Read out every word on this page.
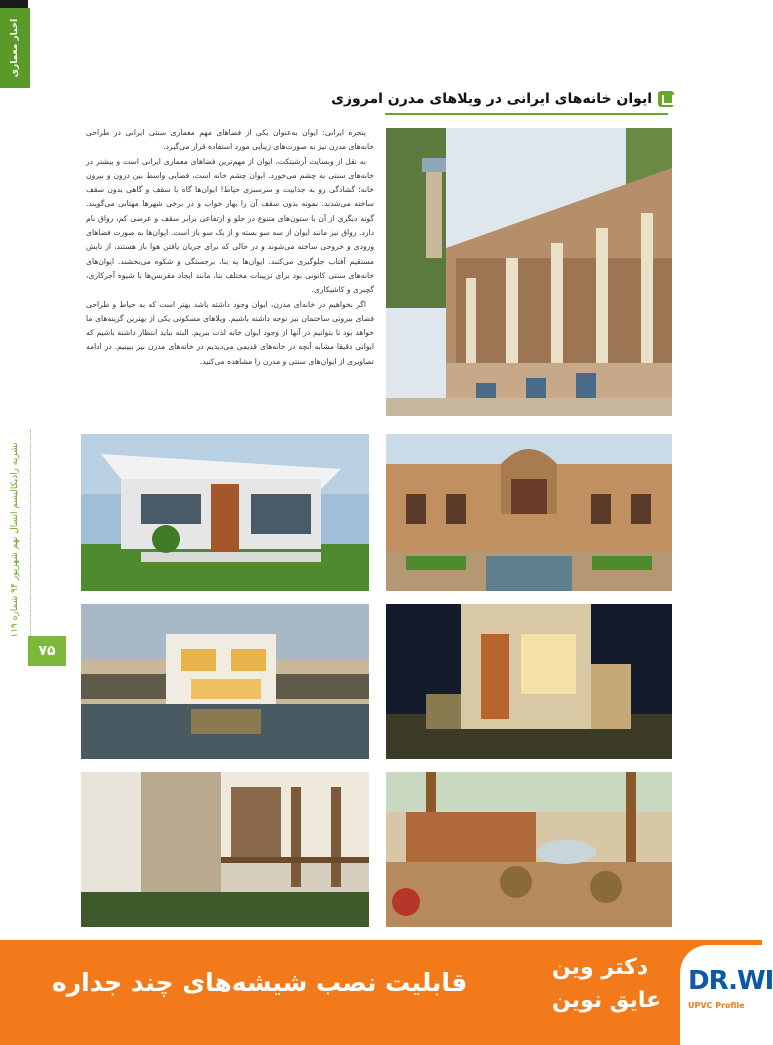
اخبار معماری
نشریه رادیکالیسم انسال نهم شهریور ۹۴ شماره ۱۱۹
۷۵
ایوان خانه‌های ایرانی در ویلاهای مدرن امروزی

پنجره ایرانی: ایوان به‌عنوان یکی از فضاهای مهم معماری سنتی ایرانی در طراحی خانه‌های مدرن نیز به صورت‌های زیبایی مورد استفاده قرار می‌گیرد.

به نقل از وبسایت آرشیتکت، ایوان از مهم‌ترین فضاهای معماری ایرانی است و بیشتر در خانه‌های سنتی به چشم می‌خورد. ایوان چشم خانه است، فضایی واسط بین درون و بیرون خانه؛ گشادگی رو به جذابیت و سرسبزی حیاط! ایوان‌ها گاه با سقف و گاهی بدون سقف ساخته می‌شدند. نمونه بدون سقف آن را بهار خواب و در برخی شهرها مهتابی می‌گویند. گونه دیگری از آن با ستون‌های متنوع در جلو و ارتفاعی برابر سقف و عرضی کم، رواق نام دارد. رواق نیز مانند ایوان از سه سو بسته و از یک سو باز است. ایوان‌ها به صورت فضاهای ورودی و خروجی ساخته می‌شوند و در حالی که برای جریان یافتن هوا باز هستند، از تابش مستقیم آفتاب جلوگیری می‌کنند. ایوان‌ها به بنا، برجستگی و شکوه می‌بخشند. ایوان‌های خانه‌های سنتی کانونی بود برای تزیینات مختلف بنا، مانند ایجاد مقرنس‌ها با شیوه آجرکاری، گچبری و کاشیکاری.

اگر بخواهیم در خانه‌ای مدرن، ایوان وجود داشته باشد بهتر است که به حیاط و طراحی فضای بیرونی ساختمان نیز توجه داشته باشیم. ویلاهای مسکونی یکی از بهترین گزینه‌های ما خواهد بود تا بتوانیم در آنها از وجود ایوان خانه لذت ببریم. البته نباید انتظار داشته باشیم که ایوانی دقیقا مشابه آنچه در خانه‌های قدیمی می‌دیدیم در خانه‌های مدرن نیز ببینیم. در ادامه تصاویری از ایوان‌های سنتی و مدرن را مشاهده می‌کنید.

قابلیت نصب شیشه‌های چند جداره
دکتر وین
عایق نوین
DR.WI
UPVC Profile
